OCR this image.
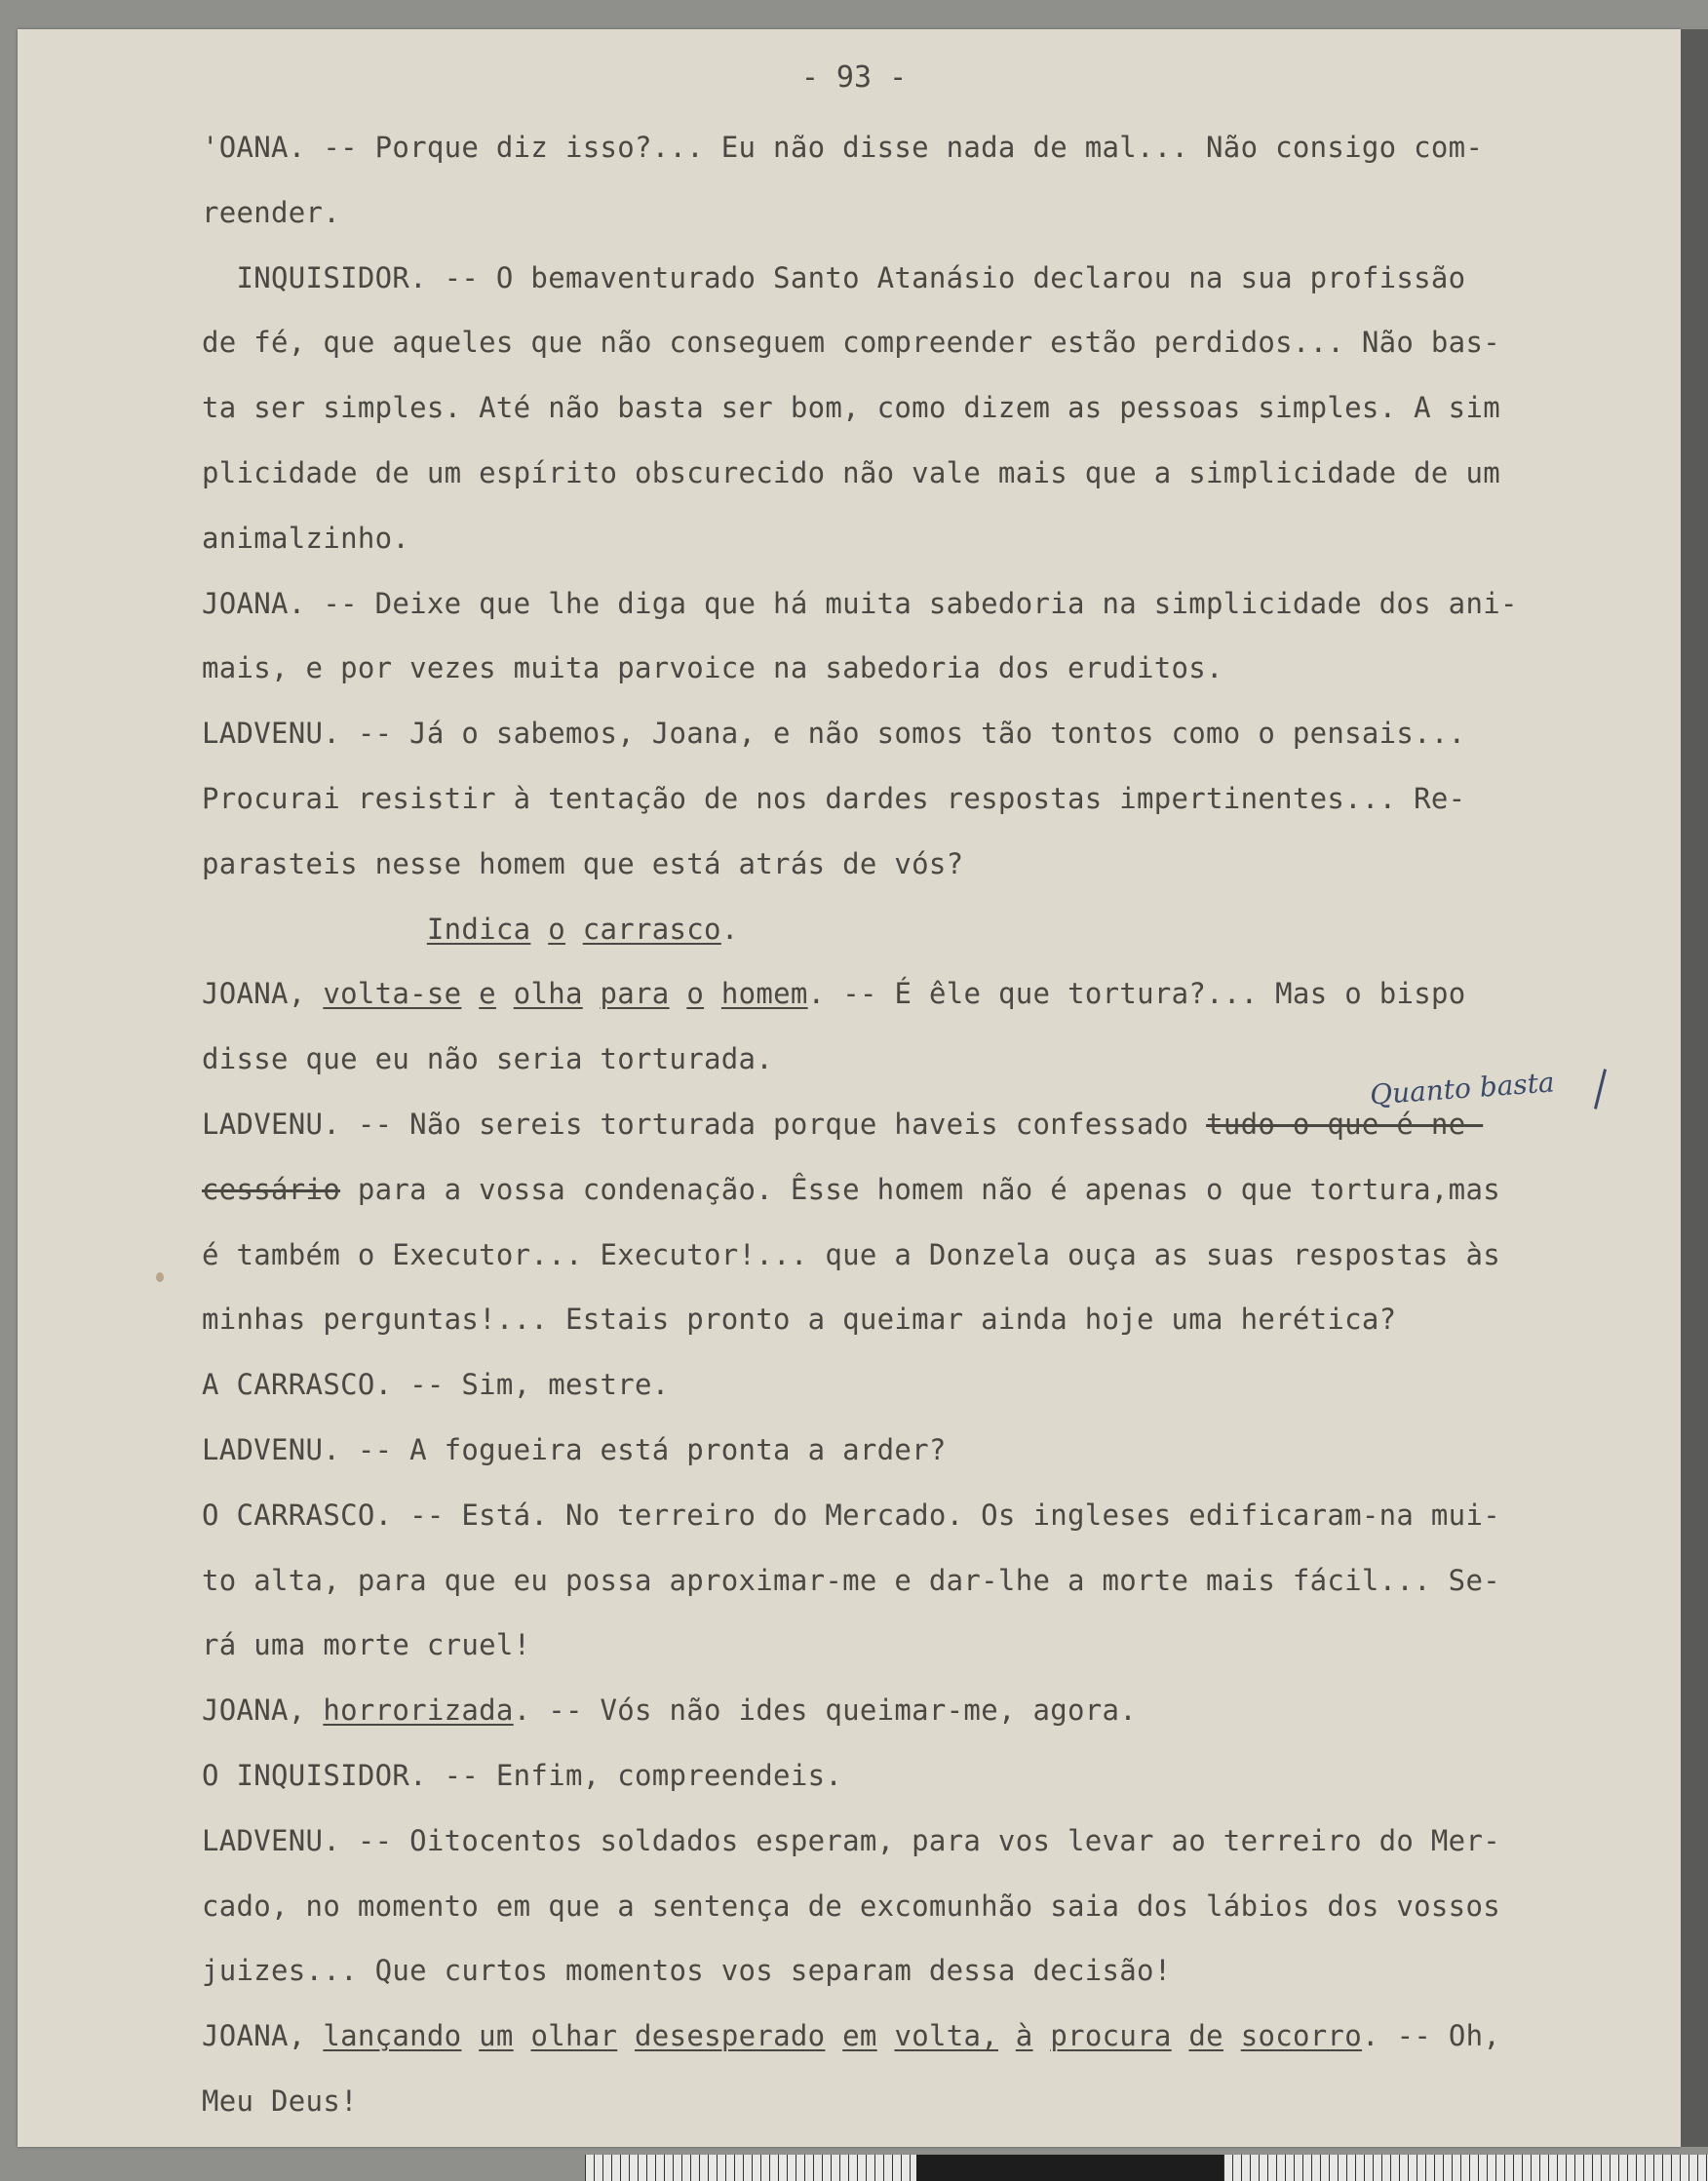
- 93 -
'OANA. -- Porque diz isso?... Eu não disse nada de mal... Não consigo com-
reender.
INQUISIDOR. -- O bemaventurado Santo Atanásio declarou na sua profissão
de fé, que aqueles que não conseguem compreender estão perdidos... Não bas-
ta ser simples. Até não basta ser bom, como dizem as pessoas simples. A sim
plicidade de um espírito obscurecido não vale mais que a simplicidade de um
animalzinho.
JOANA. -- Deixe que lhe diga que há muita sabedoria na simplicidade dos ani-
mais, e por vezes muita parvoice na sabedoria dos eruditos.
LADVENU. -- Já o sabemos, Joana, e não somos tão tontos como o pensais...
Procurai resistir à tentação de nos dardes respostas impertinentes... Re-
parasteis nesse homem que está atrás de vós?
Indica o carrasco.
JOANA, volta-se e olha para o homem. -- É êle que tortura?... Mas o bispo
disse que eu não seria torturada.
LADVENU. -- Não sereis torturada porque haveis confessado tudo o que é ne-
cessário para a vossa condenação. Êsse homem não é apenas o que tortura,mas
é também o Executor... Executor!... que a Donzela ouça as suas respostas às
minhas perguntas!... Estais pronto a queimar ainda hoje uma herética?
A CARRASCO. -- Sim, mestre.
LADVENU. -- A fogueira está pronta a arder?
O CARRASCO. -- Está. No terreiro do Mercado. Os ingleses edificaram-na mui-
to alta, para que eu possa aproximar-me e dar-lhe a morte mais fácil... Se-
rá uma morte cruel!
JOANA, horrorizada. -- Vós não ides queimar-me, agora.
O INQUISIDOR. -- Enfim, compreendeis.
LADVENU. -- Oitocentos soldados esperam, para vos levar ao terreiro do Mer-
cado, no momento em que a sentença de excomunhão saia dos lábios dos vossos
juizes... Que curtos momentos vos separam dessa decisão!
JOANA, lançando um olhar desesperado em volta, à procura de socorro. -- Oh,
Meu Deus!
Quanto basta
